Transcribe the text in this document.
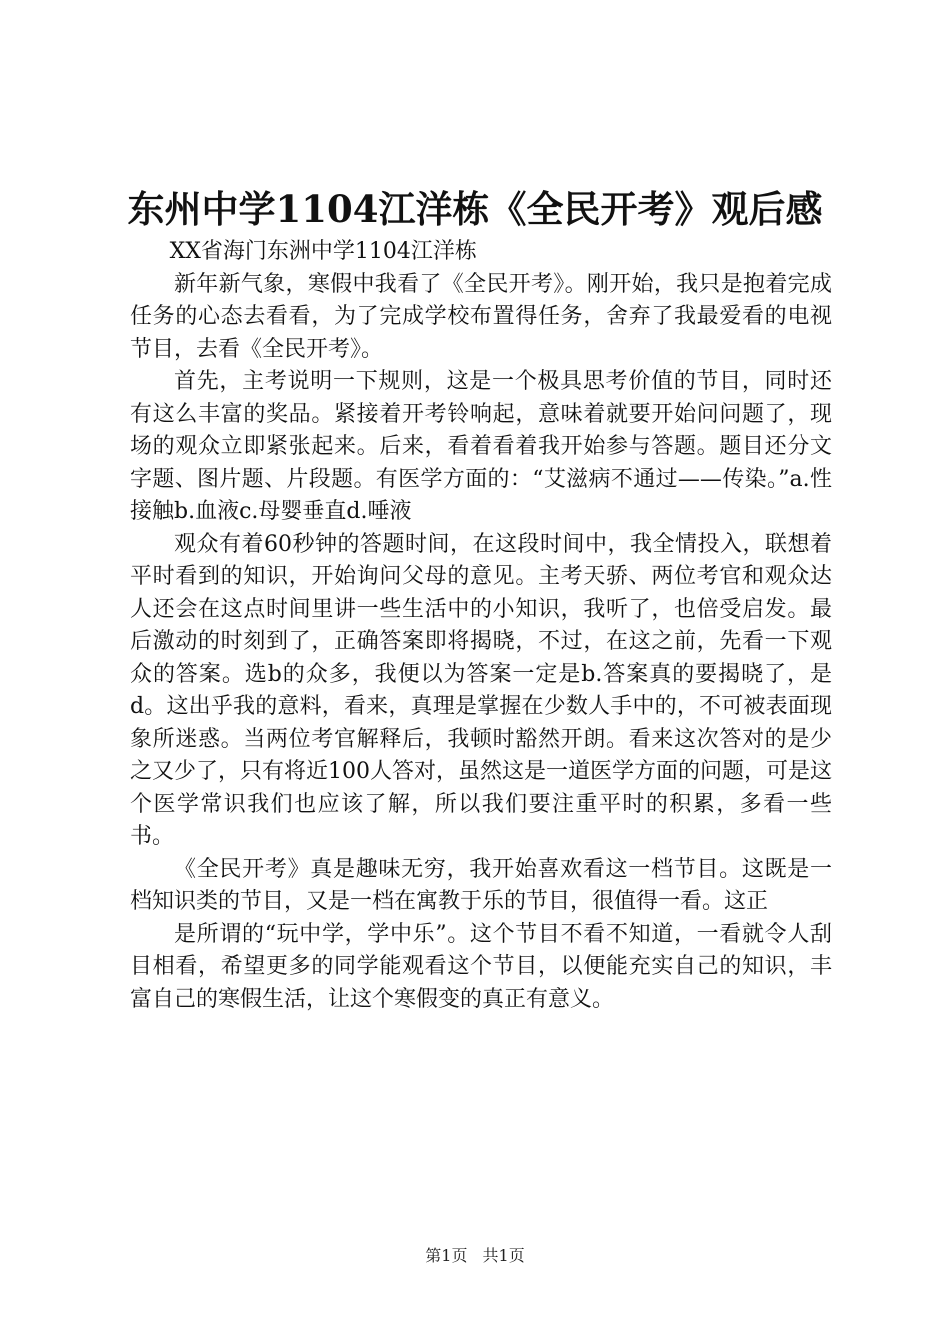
东州中学1104江洋栋《全民开考》观后感

XX省海门东洲中学1104江洋栋

新年新气象，寒假中我看了《全民开考》。刚开始，我只是抱着完成任务的心态去看看，为了完成学校布置得任务，舍弃了我最爱看的电视节目，去看《全民开考》。

首先，主考说明一下规则，这是一个极具思考价值的节目，同时还有这么丰富的奖品。紧接着开考铃响起，意味着就要开始问问题了，现场的观众立即紧张起来。后来，看着看着我开始参与答题。题目还分文字题、图片题、片段题。有医学方面的：“艾滋病不通过——传染。”a.性接触b.血液c.母婴垂直d.唾液

观众有着60秒钟的答题时间，在这段时间中，我全情投入，联想着平时看到的知识，开始询问父母的意见。主考天骄、两位考官和观众达人还会在这点时间里讲一些生活中的小知识，我听了，也倍受启发。最后激动的时刻到了，正确答案即将揭晓，不过，在这之前，先看一下观众的答案。选b的众多，我便以为答案一定是b.答案真的要揭晓了，是d。这出乎我的意料，看来，真理是掌握在少数人手中的，不可被表面现象所迷惑。当两位考官解释后，我顿时豁然开朗。看来这次答对的是少之又少了，只有将近100人答对，虽然这是一道医学方面的问题，可是这个医学常识我们也应该了解，所以我们要注重平时的积累，多看一些书。

《全民开考》真是趣味无穷，我开始喜欢看这一档节目。这既是一档知识类的节目，又是一档在寓教于乐的节目，很值得一看。这正

是所谓的“玩中学，学中乐”。这个节目不看不知道，一看就令人刮目相看，希望更多的同学能观看这个节目，以便能充实自己的知识，丰富自己的寒假生活，让这个寒假变的真正有意义。

第1页 共1页
